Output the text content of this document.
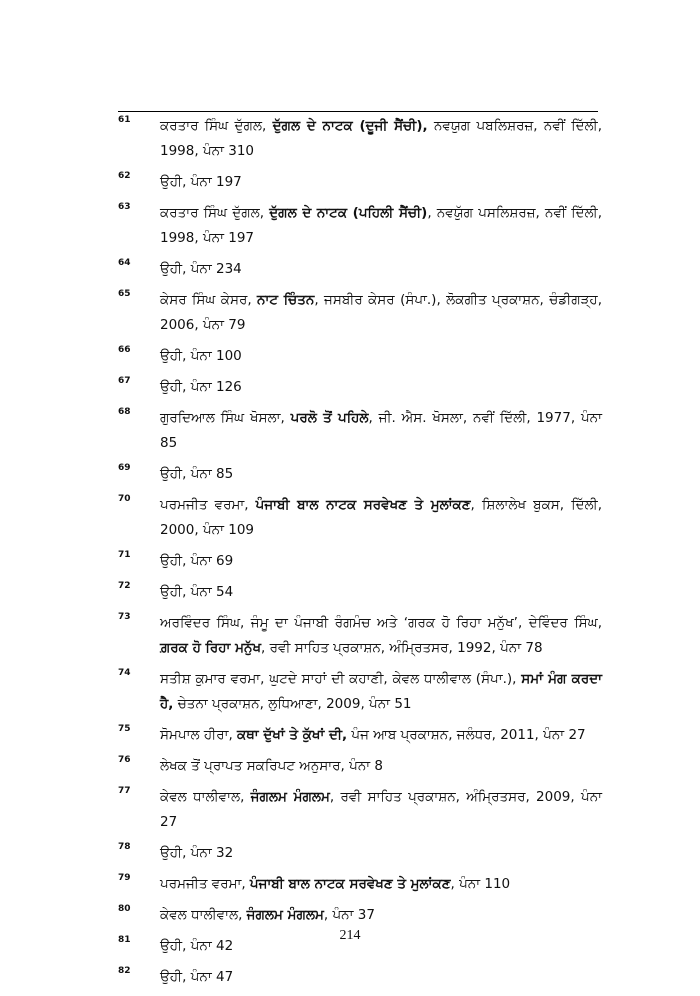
61 ਕਰਤਾਰ ਸਿੰਘ ਦੁੱਗਲ, ਦੁੱਗਲ ਦੇ ਨਾਟਕ (ਦੂਜੀ ਸੈਂਚੀ), ਨਵਯੁਗ ਪਬਲਿਸ਼ਰਜ਼, ਨਵੀਂ ਦਿੱਲੀ, 1998, ਪੰਨਾ 310
62 ਉਹੀ, ਪੰਨਾ 197
63 ਕਰਤਾਰ ਸਿੰਘ ਦੁੱਗਲ, ਦੁੱਗਲ ਦੇ ਨਾਟਕ (ਪਹਿਲੀ ਸੈਂਚੀ), ਨਵਯੁੱਗ ਪਸਲਿਸ਼ਰਜ਼, ਨਵੀਂ ਦਿੱਲੀ, 1998, ਪੰਨਾ 197
64 ਉਹੀ, ਪੰਨਾ 234
65 ਕੇਸਰ ਸਿੰਘ ਕੇਸਰ, ਨਾਟ ਚਿੰਤਨ, ਜਸਬੀਰ ਕੇਸਰ (ਸੰਪਾ.), ਲੋਕਗੀਤ ਪ੍ਰਕਾਸ਼ਨ, ਚੰਡੀਗੜ੍ਹ, 2006, ਪੰਨਾ 79
66 ਉਹੀ, ਪੰਨਾ 100
67 ਉਹੀ, ਪੰਨਾ 126
68 ਗੁਰਦਿਆਲ ਸਿੰਘ ਖੋਸਲਾ, ਪਰਲੋ ਤੋਂ ਪਹਿਲੇ, ਜੀ. ਐਸ. ਖੋਸਲਾ, ਨਵੀਂ ਦਿੱਲੀ, 1977, ਪੰਨਾ 85
69 ਉਹੀ, ਪੰਨਾ 85
70 ਪਰਮਜੀਤ ਵਰਮਾ, ਪੰਜਾਬੀ ਬਾਲ ਨਾਟਕ ਸਰਵੇਖਣ ਤੇ ਮੁਲਾਂਕਣ, ਸ਼ਿਲਾਲੇਖ ਬੁਕਸ, ਦਿੱਲੀ, 2000, ਪੰਨਾ 109
71 ਉਹੀ, ਪੰਨਾ 69
72 ਉਹੀ, ਪੰਨਾ 54
73 ਅਰਵਿੰਦਰ ਸਿੰਘ, ਜੰਮੂ ਦਾ ਪੰਜਾਬੀ ਰੰਗਮੰਚ ਅਤੇ ‘ਗਰਕ ਹੋ ਰਿਹਾ ਮਨੁੱਖ’, ਦੇਵਿੰਦਰ ਸਿੰਘ, ਗ਼ਰਕ ਹੋ ਰਿਹਾ ਮਨੁੱਖ, ਰਵੀ ਸਾਹਿਤ ਪ੍ਰਕਾਸ਼ਨ, ਅੰਮ੍ਰਿਤਸਰ, 1992, ਪੰਨਾ 78
74 ਸਤੀਸ਼ ਕੁਮਾਰ ਵਰਮਾ, ਘੁਟਦੇ ਸਾਹਾਂ ਦੀ ਕਹਾਣੀ, ਕੇਵਲ ਧਾਲੀਵਾਲ (ਸੰਪਾ.), ਸਮਾਂ ਮੰਗ ਕਰਦਾ ਹੈ, ਚੇਤਨਾ ਪ੍ਰਕਾਸ਼ਨ, ਲੁਧਿਆਣਾ, 2009, ਪੰਨਾ 51
75 ਸੋਮਪਾਲ ਹੀਰਾ, ਕਥਾ ਦੁੱਖਾਂ ਤੇ ਕੁੱਖਾਂ ਦੀ, ਪੰਜ ਆਬ ਪ੍ਰਕਾਸ਼ਨ, ਜਲੰਧਰ, 2011, ਪੰਨਾ 27
76 ਲੇਖਕ ਤੋਂ ਪ੍ਰਾਪਤ ਸਕਰਿਪਟ ਅਨੁਸਾਰ, ਪੰਨਾ 8
77 ਕੇਵਲ ਧਾਲੀਵਾਲ, ਜੰਗਲਮ ਮੰਗਲਮ, ਰਵੀ ਸਾਹਿਤ ਪ੍ਰਕਾਸ਼ਨ, ਅੰਮ੍ਰਿਤਸਰ, 2009, ਪੰਨਾ 27
78 ਉਹੀ, ਪੰਨਾ 32
79 ਪਰਮਜੀਤ ਵਰਮਾ, ਪੰਜਾਬੀ ਬਾਲ ਨਾਟਕ ਸਰਵੇਖਣ ਤੇ ਮੁਲਾਂਕਣ, ਪੰਨਾ 110
80 ਕੇਵਲ ਧਾਲੀਵਾਲ, ਜੰਗਲਮ ਮੰਗਲਮ, ਪੰਨਾ 37
81 ਉਹੀ, ਪੰਨਾ 42
82 ਉਹੀ, ਪੰਨਾ 47
214
